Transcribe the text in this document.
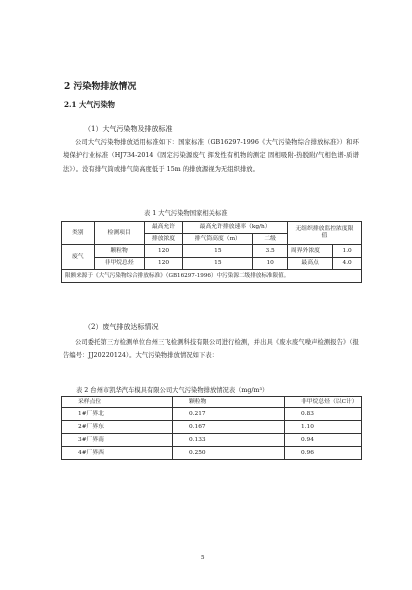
2 污染物排放情况
2.1 大气污染物
（1）大气污染物及排放标准
公司大气污染物排放适用标准如下：国家标准（GB16297-1996《大气污染物综合排放标准》）和环境保护行业标准（HJ734-2014《固定污染源废气 挥发性有机物的测定 固相吸附-热脱附/气相色谱-质谱法》）。没有排气筒或排气筒高度低于 15m 的排放源视为无组织排放。
表 1 大气污染物国家相关标准
类别	检测项目	最高允许	最高允许排放速率（kg/h）		无组织排放监控浓度限
值	

		排放浓度	排气筒高度（m）	二级		
废气	颗粒物	120	15	3.5	周界外浓度	1.0
	非甲烷总烃	120	15	10	最高点	4.0
限额来源于《大气污染物综合排放标准》（GB16297-1996）中污染源二级排放标准限值。						
（2）废气排放达标情况
公司委托第三方检测单位台州三飞检测科技有限公司进行检测，并出具《废水废气噪声检测报告》（报告编号：JJ20220124）。大气污染物排放情况如下表：
表 2 台州市凯华汽车模具有限公司大气污染物排放情况表（mg/m³）
采样点位	颗粒物	非甲烷总烃（以C计）
1#厂界北	0.217	0.83
2#厂界东	0.167	1.10
3#厂界南	0.133	0.94
4#厂界西	0.250	0.96
5
